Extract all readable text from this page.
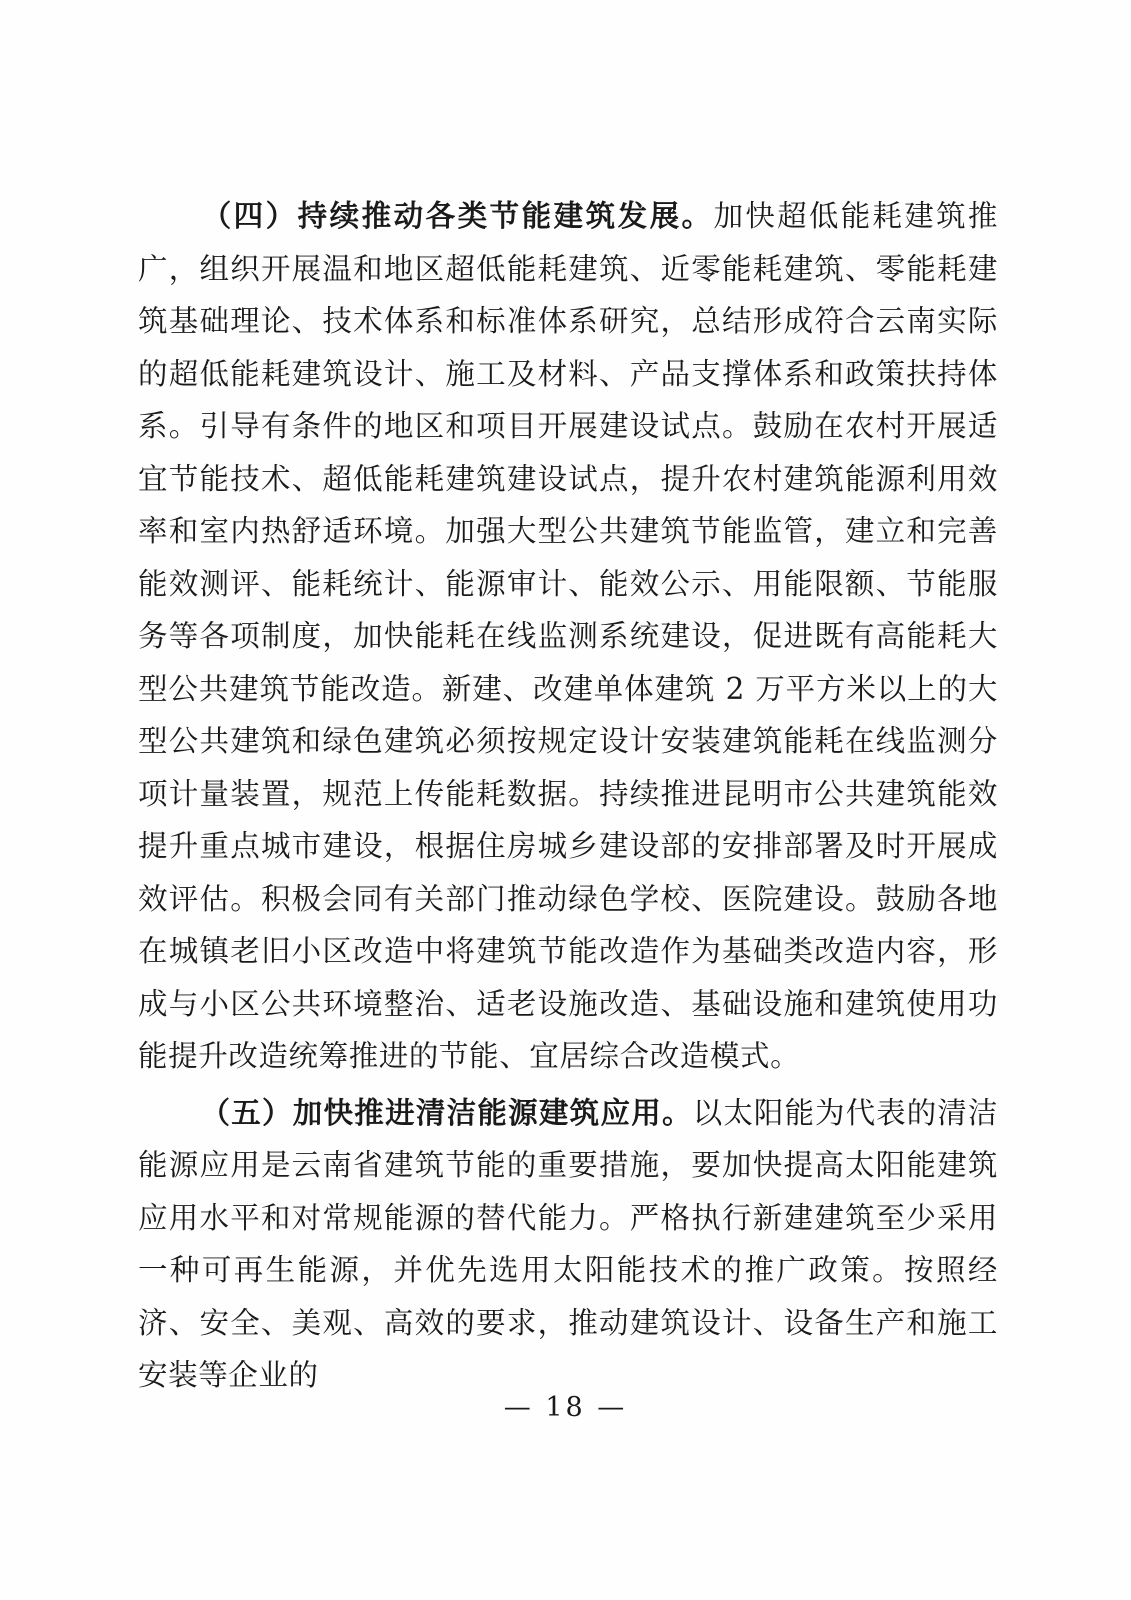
（四）持续推动各类节能建筑发展。加快超低能耗建筑推广，组织开展温和地区超低能耗建筑、近零能耗建筑、零能耗建筑基础理论、技术体系和标准体系研究，总结形成符合云南实际的超低能耗建筑设计、施工及材料、产品支撑体系和政策扶持体系。引导有条件的地区和项目开展建设试点。鼓励在农村开展适宜节能技术、超低能耗建筑建设试点，提升农村建筑能源利用效率和室内热舒适环境。加强大型公共建筑节能监管，建立和完善能效测评、能耗统计、能源审计、能效公示、用能限额、节能服务等各项制度，加快能耗在线监测系统建设，促进既有高能耗大型公共建筑节能改造。新建、改建单体建筑 2 万平方米以上的大型公共建筑和绿色建筑必须按规定设计安装建筑能耗在线监测分项计量装置，规范上传能耗数据。持续推进昆明市公共建筑能效提升重点城市建设，根据住房城乡建设部的安排部署及时开展成效评估。积极会同有关部门推动绿色学校、医院建设。鼓励各地在城镇老旧小区改造中将建筑节能改造作为基础类改造内容，形成与小区公共环境整治、适老设施改造、基础设施和建筑使用功能提升改造统筹推进的节能、宜居综合改造模式。

（五）加快推进清洁能源建筑应用。以太阳能为代表的清洁能源应用是云南省建筑节能的重要措施，要加快提高太阳能建筑应用水平和对常规能源的替代能力。严格执行新建建筑至少采用一种可再生能源，并优先选用太阳能技术的推广政策。按照经济、安全、美观、高效的要求，推动建筑设计、设备生产和施工安装等企业的

— 18 —
